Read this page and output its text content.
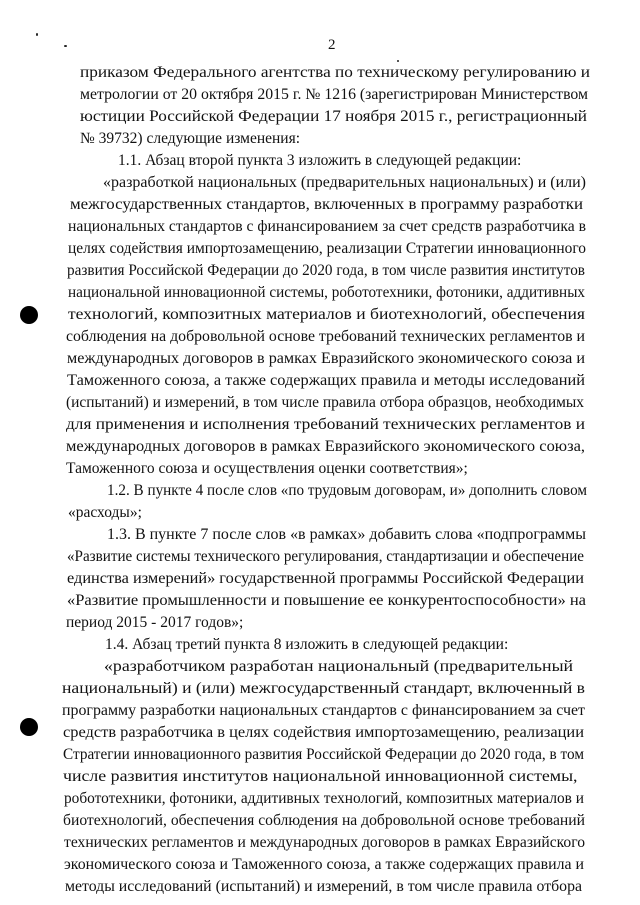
2
приказом Федерального агентства по техническому регулированию и
метрологии от 20 октября 2015 г. № 1216 (зарегистрирован Министерством
юстиции Российской Федерации 17 ноября 2015 г., регистрационный
№ 39732) следующие изменения:
1.1. Абзац второй пункта 3 изложить в следующей редакции:
«разработкой национальных (предварительных национальных) и (или)
межгосударственных стандартов, включенных в программу разработки
национальных стандартов с финансированием за счет средств разработчика в
целях содействия импортозамещению, реализации Стратегии инновационного
развития Российской Федерации до 2020 года, в том числе развития институтов
национальной инновационной системы, робототехники, фотоники, аддитивных
технологий, композитных материалов и биотехнологий, обеспечения
соблюдения на добровольной основе требований технических регламентов и
международных договоров в рамках Евразийского экономического союза и
Таможенного союза, а также содержащих правила и методы исследований
(испытаний) и измерений, в том числе правила отбора образцов, необходимых
для применения и исполнения требований технических регламентов и
международных договоров в рамках Евразийского экономического союза,
Таможенного союза и осуществления оценки соответствия»;
1.2. В пункте 4 после слов «по трудовым договорам, и» дополнить словом
«расходы»;
1.3. В пункте 7 после слов «в рамках» добавить слова «подпрограммы
«Развитие системы технического регулирования, стандартизации и обеспечение
единства измерений» государственной программы Российской Федерации
«Развитие промышленности и повышение ее конкурентоспособности» на
период 2015 - 2017 годов»;
1.4. Абзац третий пункта 8 изложить в следующей редакции:
«разработчиком разработан национальный (предварительный
национальный) и (или) межгосударственный стандарт, включенный в
программу разработки национальных стандартов с финансированием за счет
средств разработчика в целях содействия импортозамещению, реализации
Стратегии инновационного развития Российской Федерации до 2020 года, в том
числе развития институтов национальной инновационной системы,
робототехники, фотоники, аддитивных технологий, композитных материалов и
биотехнологий, обеспечения соблюдения на добровольной основе требований
технических регламентов и международных договоров в рамках Евразийского
экономического союза и Таможенного союза, а также содержащих правила и
методы исследований (испытаний) и измерений, в том числе правила отбора
